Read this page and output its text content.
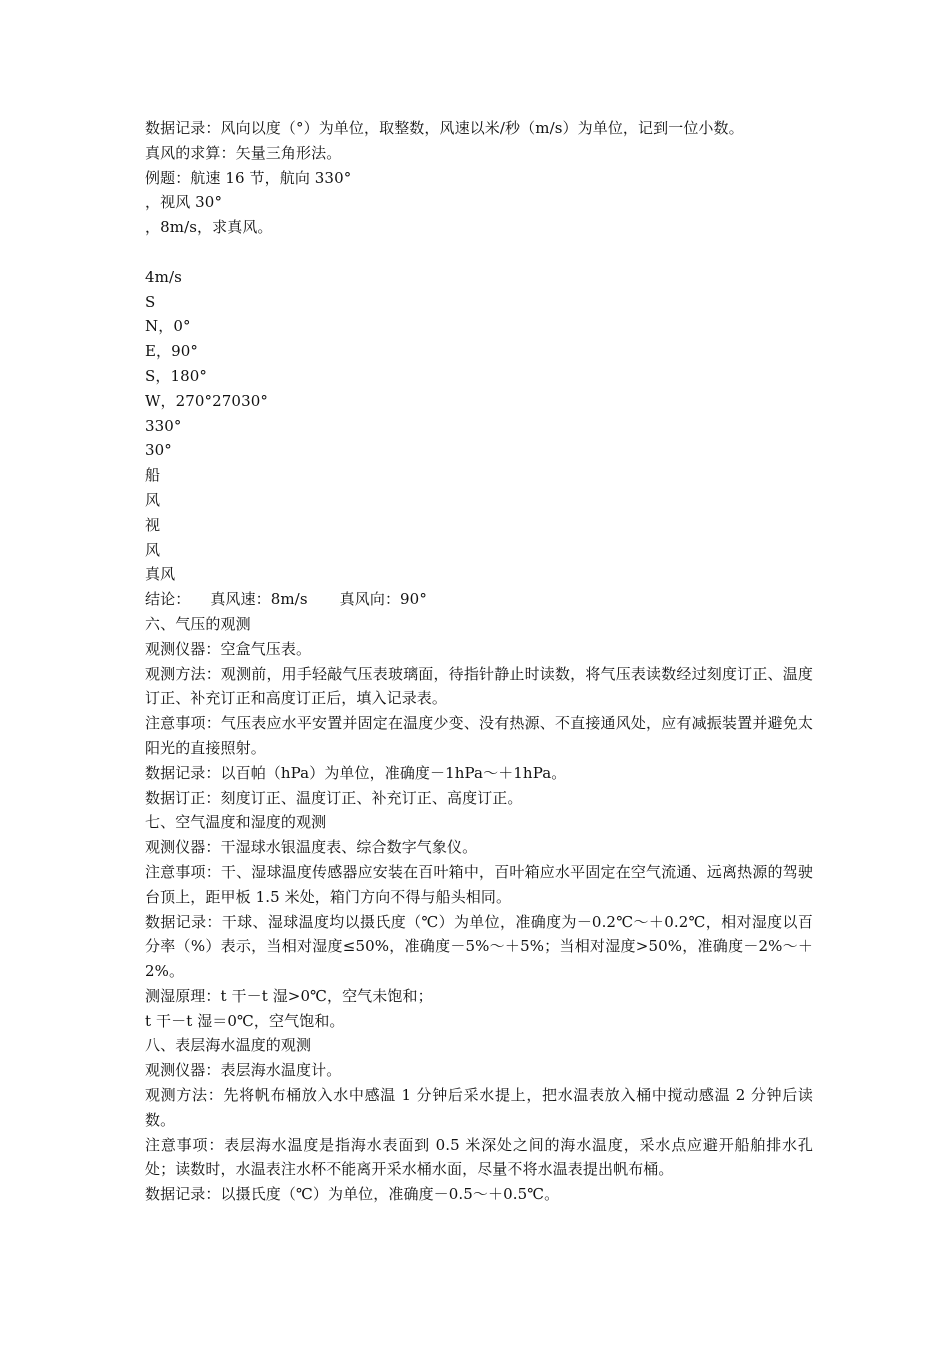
数据记录：风向以度（°）为单位，取整数，风速以米/秒（m/s）为单位，记到一位小数。
真风的求算：矢量三角形法。
例题：航速 16 节，航向 330°
，视风 30°
，8m/s，求真风。
4m/s
S
N，0°
E，90°
S，180°
W，270°27030°
330°
30°
船
风
视
风
真风
结论： 真风速：8m/s 真风向：90°
六、气压的观测
观测仪器：空盒气压表。
观测方法：观测前，用手轻敲气压表玻璃面，待指针静止时读数，将气压表读数经过刻度订正、温度订正、补充订正和高度订正后，填入记录表。
注意事项：气压表应水平安置并固定在温度少变、没有热源、不直接通风处，应有减振装置并避免太阳光的直接照射。
数据记录：以百帕（hPa）为单位，准确度－1hPa～＋1hPa。
数据订正：刻度订正、温度订正、补充订正、高度订正。
七、空气温度和湿度的观测
观测仪器：干湿球水银温度表、综合数字气象仪。
注意事项：干、湿球温度传感器应安装在百叶箱中，百叶箱应水平固定在空气流通、远离热源的驾驶台顶上，距甲板 1.5 米处，箱门方向不得与船头相同。
数据记录：干球、湿球温度均以摄氏度（℃）为单位，准确度为－0.2℃～＋0.2℃，相对湿度以百分率（%）表示，当相对湿度≤50%，准确度－5%～＋5%；当相对湿度>50%，准确度－2%～＋2%。
测湿原理：t 干－t 湿>0℃，空气未饱和；
t 干－t 湿＝0℃，空气饱和。
八、表层海水温度的观测
观测仪器：表层海水温度计。
观测方法：先将帆布桶放入水中感温 1 分钟后采水提上，把水温表放入桶中搅动感温 2 分钟后读数。
注意事项：表层海水温度是指海水表面到 0.5 米深处之间的海水温度，采水点应避开船舶排水孔处；读数时，水温表注水杯不能离开采水桶水面，尽量不将水温表提出帆布桶。
数据记录：以摄氏度（℃）为单位，准确度－0.5～＋0.5℃。
